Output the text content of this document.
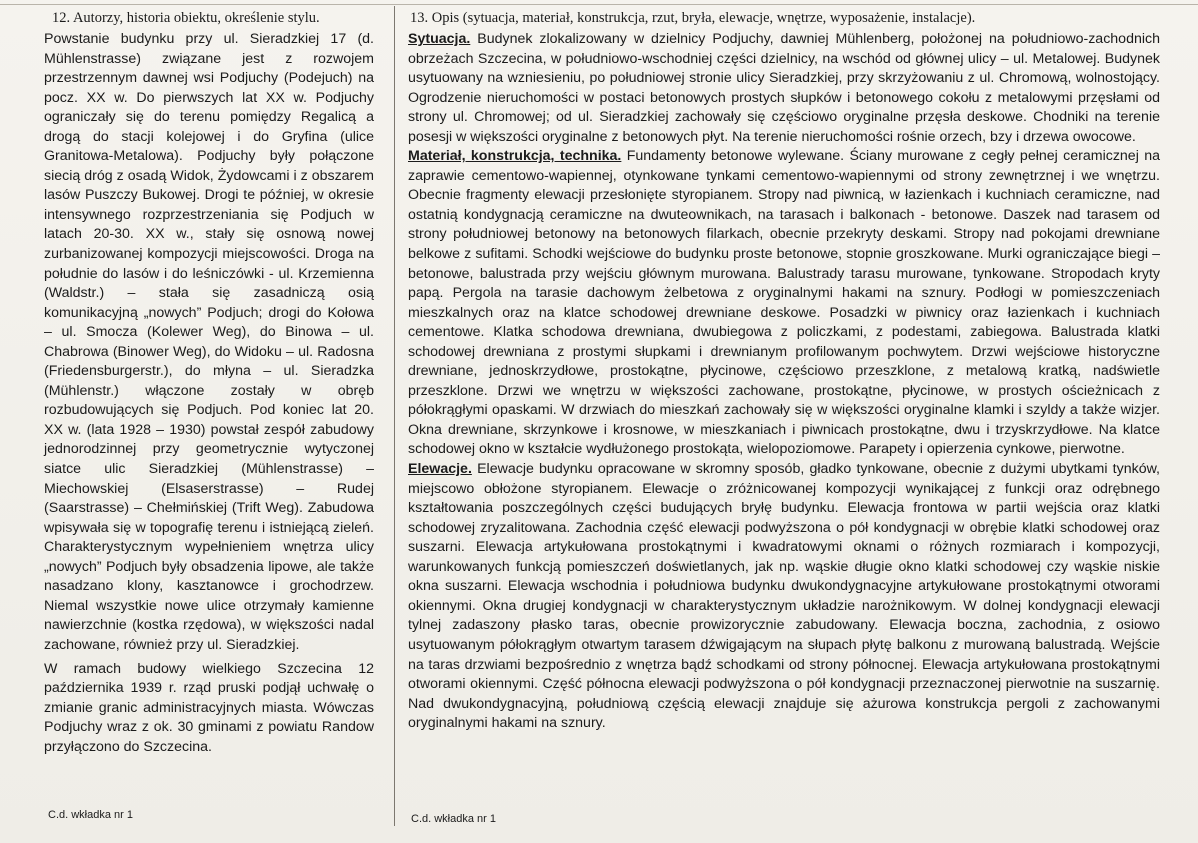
12. Autorzy, historia obiektu, określenie stylu.

Powstanie budynku przy ul. Sieradzkiej 17 (d. Mühlenstrasse) związane jest z rozwojem przestrzennym dawnej wsi Podjuchy (Podejuch) na pocz. XX w. Do pierwszych lat XX w. Podjuchy ograniczały się do terenu pomiędzy Regalicą a drogą do stacji kolejowej i do Gryfina (ulice Granitowa-Metalowa). Podjuchy były połączone siecią dróg z osadą Widok, Żydowcami i z obszarem lasów Puszczy Bukowej. Drogi te później, w okresie intensywnego rozprzestrzeniania się Podjuch w latach 20-30. XX w., stały się osnową nowej zurbanizowanej kompozycji miejscowości. Droga na południe do lasów i do leśniczówki - ul. Krzemienna (Waldstr.) – stała się zasadniczą osią komunikacyjną „nowych” Podjuch; drogi do Kołowa – ul. Smocza (Kolewer Weg), do Binowa – ul. Chabrowa (Binower Weg), do Widoku – ul. Radosna (Friedensburgerstr.), do młyna – ul. Sieradzka (Mühlenstr.) włączone zostały w obręb rozbudowujących się Podjuch. Pod koniec lat 20. XX w. (lata 1928 – 1930) powstał zespół zabudowy jednorodzinnej przy geometrycznie wytyczonej siatce ulic Sieradzkiej (Mühlenstrasse) – Miechowskiej (Elsaserstrasse) – Rudej (Saarstrasse) – Chełmińskiej (Trift Weg). Zabudowa wpisywała się w topografię terenu i istniejącą zieleń. Charakterystycznym wypełnieniem wnętrza ulicy „nowych” Podjuch były obsadzenia lipowe, ale także nasadzano klony, kasztanowce i grochodrzew. Niemal wszystkie nowe ulice otrzymały kamienne nawierzchnie (kostka rzędowa), w większości nadal zachowane, również przy ul. Sieradzkiej.

W ramach budowy wielkiego Szczecina 12 października 1939 r. rząd pruski podjął uchwałę o zmianie granic administracyjnych miasta. Wówczas Podjuchy wraz z ok. 30 gminami z powiatu Randow przyłączono do Szczecina.

C.d. wkładka nr 1
13. Opis (sytuacja, materiał, konstrukcja, rzut, bryła, elewacje, wnętrze, wyposażenie, instalacje).

Sytuacja. Budynek zlokalizowany w dzielnicy Podjuchy, dawniej Mühlenberg, położonej na południowo-zachodnich obrzeżach Szczecina, w południowo-wschodniej części dzielnicy, na wschód od głównej ulicy – ul. Metalowej. Budynek usytuowany na wzniesieniu, po południowej stronie ulicy Sieradzkiej, przy skrzyżowaniu z ul. Chromową, wolnostojący. Ogrodzenie nieruchomości w postaci betonowych prostych słupków i betonowego cokołu z metalowymi przęsłami od strony ul. Chromowej; od ul. Sieradzkiej zachowały się częściowo oryginalne przęsła deskowe. Chodniki na terenie posesji w większości oryginalne z betonowych płyt. Na terenie nieruchomości rośnie orzech, bzy i drzewa owocowe.

Materiał, konstrukcja, technika. Fundamenty betonowe wylewane. Ściany murowane z cegły pełnej ceramicznej na zaprawie cementowo-wapiennej, otynkowane tynkami cementowo-wapiennymi od strony zewnętrznej i we wnętrzu. Obecnie fragmenty elewacji przesłonięte styropianem. Stropy nad piwnicą, w łazienkach i kuchniach ceramiczne, nad ostatnią kondygnacją ceramiczne na dwuteownikach, na tarasach i balkonach - betonowe. Daszek nad tarasem od strony południowej betonowy na betonowych filarkach, obecnie przekryty deskami. Stropy nad pokojami drewniane belkowe z sufitami. Schodki wejściowe do budynku proste betonowe, stopnie groszkowane. Murki ograniczające biegi – betonowe, balustrada przy wejściu głównym murowana. Balustrady tarasu murowane, tynkowane. Stropodach kryty papą. Pergola na tarasie dachowym żelbetowa z oryginalnymi hakami na sznury. Podłogi w pomieszczeniach mieszkalnych oraz na klatce schodowej drewniane deskowe. Posadzki w piwnicy oraz łazienkach i kuchniach cementowe. Klatka schodowa drewniana, dwubiegowa z policzkami, z podestami, zabiegowa. Balustrada klatki schodowej drewniana z prostymi słupkami i drewnianym profilowanym pochwytem. Drzwi wejściowe historyczne drewniane, jednoskrzydłowe, prostokątne, płycinowe, częściowo przeszklone, z metalową kratką, nadświetle przeszklone. Drzwi we wnętrzu w większości zachowane, prostokątne, płycinowe, w prostych ościeżnicach z półokrągłymi opaskami. W drzwiach do mieszkań zachowały się w większości oryginalne klamki i szyldy a także wizjer. Okna drewniane, skrzynkowe i krosnowe, w mieszkaniach i piwnicach prostokątne, dwu i trzyskrzydłowe. Na klatce schodowej okno w kształcie wydłużonego prostokąta, wielopoziomowe. Parapety i opierzenia cynkowe, pierwotne.

Elewacje. Elewacje budynku opracowane w skromny sposób, gładko tynkowane, obecnie z dużymi ubytkami tynków, miejscowo obłożone styropianem. Elewacje o zróżnicowanej kompozycji wynikającej z funkcji oraz odrębnego kształtowania poszczególnych części budujących bryłę budynku. Elewacja frontowa w partii wejścia oraz klatki schodowej zryzalitowana. Zachodnia część elewacji podwyższona o pół kondygnacji w obrębie klatki schodowej oraz suszarni. Elewacja artykułowana prostokątnymi i kwadratowymi oknami o różnych rozmiarach i kompozycji, warunkowanych funkcją pomieszczeń doświetlanych, jak np. wąskie długie okno klatki schodowej czy wąskie niskie okna suszarni. Elewacja wschodnia i południowa budynku dwukondygnacyjne artykułowane prostokątnymi otworami okiennymi. Okna drugiej kondygnacji w charakterystycznym układzie narożnikowym. W dolnej kondygnacji elewacji tylnej zadaszony płasko taras, obecnie prowizorycznie zabudowany. Elewacja boczna, zachodnia, z osiowo usytuowanym półokrągłym otwartym tarasem dźwigającym na słupach płytę balkonu z murowaną balustradą. Wejście na taras drzwiami bezpośrednio z wnętrza bądź schodkami od strony północnej. Elewacja artykułowana prostokątnymi otworami okiennymi. Część północna elewacji podwyższona o pół kondygnacji przeznaczonej pierwotnie na suszarnię. Nad dwukondygnacyjną, południową częścią elewacji znajduje się ażurowa konstrukcja pergoli z zachowanymi oryginalnymi hakami na sznury.

C.d. wkładka nr 1
